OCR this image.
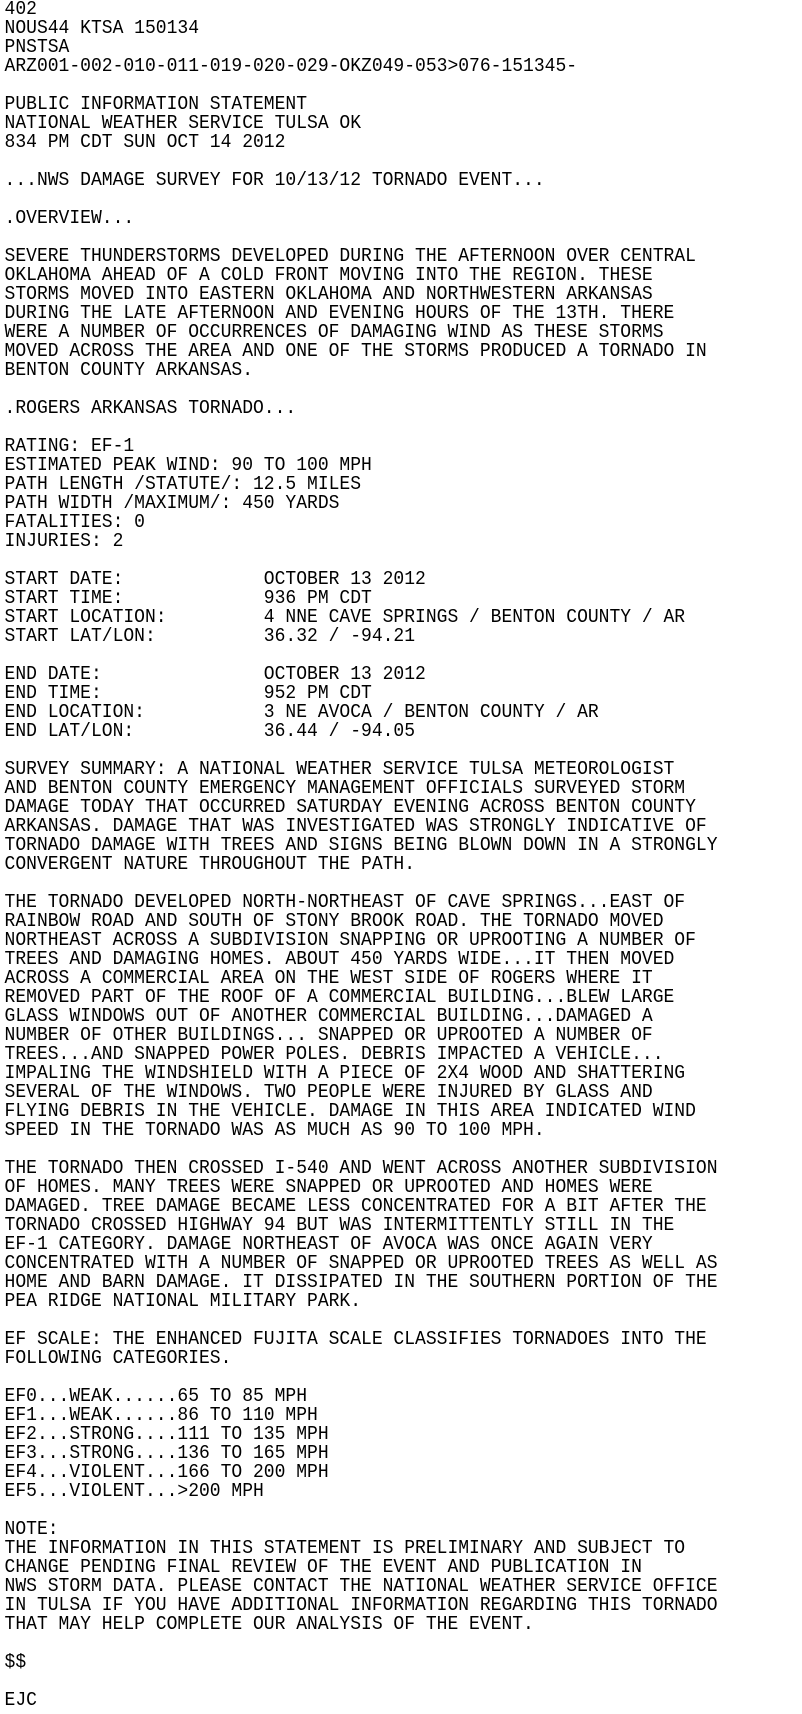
402
NOUS44 KTSA 150134
PNSTSA
ARZ001-002-010-011-019-020-029-OKZ049-053>076-151345-

PUBLIC INFORMATION STATEMENT
NATIONAL WEATHER SERVICE TULSA OK
834 PM CDT SUN OCT 14 2012

...NWS DAMAGE SURVEY FOR 10/13/12 TORNADO EVENT...

.OVERVIEW...

SEVERE THUNDERSTORMS DEVELOPED DURING THE AFTERNOON OVER CENTRAL
OKLAHOMA AHEAD OF A COLD FRONT MOVING INTO THE REGION. THESE
STORMS MOVED INTO EASTERN OKLAHOMA AND NORTHWESTERN ARKANSAS
DURING THE LATE AFTERNOON AND EVENING HOURS OF THE 13TH. THERE
WERE A NUMBER OF OCCURRENCES OF DAMAGING WIND AS THESE STORMS
MOVED ACROSS THE AREA AND ONE OF THE STORMS PRODUCED A TORNADO IN
BENTON COUNTY ARKANSAS.

.ROGERS ARKANSAS TORNADO...

RATING: EF-1
ESTIMATED PEAK WIND: 90 TO 100 MPH
PATH LENGTH /STATUTE/: 12.5 MILES
PATH WIDTH /MAXIMUM/: 450 YARDS
FATALITIES: 0
INJURIES: 2

START DATE:             OCTOBER 13 2012
START TIME:             936 PM CDT
START LOCATION:         4 NNE CAVE SPRINGS / BENTON COUNTY / AR
START LAT/LON:          36.32 / -94.21

END DATE:               OCTOBER 13 2012
END TIME:               952 PM CDT
END LOCATION:           3 NE AVOCA / BENTON COUNTY / AR
END LAT/LON:            36.44 / -94.05

SURVEY SUMMARY: A NATIONAL WEATHER SERVICE TULSA METEOROLOGIST
AND BENTON COUNTY EMERGENCY MANAGEMENT OFFICIALS SURVEYED STORM
DAMAGE TODAY THAT OCCURRED SATURDAY EVENING ACROSS BENTON COUNTY
ARKANSAS. DAMAGE THAT WAS INVESTIGATED WAS STRONGLY INDICATIVE OF
TORNADO DAMAGE WITH TREES AND SIGNS BEING BLOWN DOWN IN A STRONGLY
CONVERGENT NATURE THROUGHOUT THE PATH.

THE TORNADO DEVELOPED NORTH-NORTHEAST OF CAVE SPRINGS...EAST OF
RAINBOW ROAD AND SOUTH OF STONY BROOK ROAD. THE TORNADO MOVED
NORTHEAST ACROSS A SUBDIVISION SNAPPING OR UPROOTING A NUMBER OF
TREES AND DAMAGING HOMES. ABOUT 450 YARDS WIDE...IT THEN MOVED
ACROSS A COMMERCIAL AREA ON THE WEST SIDE OF ROGERS WHERE IT
REMOVED PART OF THE ROOF OF A COMMERCIAL BUILDING...BLEW LARGE
GLASS WINDOWS OUT OF ANOTHER COMMERCIAL BUILDING...DAMAGED A
NUMBER OF OTHER BUILDINGS... SNAPPED OR UPROOTED A NUMBER OF
TREES...AND SNAPPED POWER POLES. DEBRIS IMPACTED A VEHICLE...
IMPALING THE WINDSHIELD WITH A PIECE OF 2X4 WOOD AND SHATTERING
SEVERAL OF THE WINDOWS. TWO PEOPLE WERE INJURED BY GLASS AND
FLYING DEBRIS IN THE VEHICLE. DAMAGE IN THIS AREA INDICATED WIND
SPEED IN THE TORNADO WAS AS MUCH AS 90 TO 100 MPH.

THE TORNADO THEN CROSSED I-540 AND WENT ACROSS ANOTHER SUBDIVISION
OF HOMES. MANY TREES WERE SNAPPED OR UPROOTED AND HOMES WERE
DAMAGED. TREE DAMAGE BECAME LESS CONCENTRATED FOR A BIT AFTER THE
TORNADO CROSSED HIGHWAY 94 BUT WAS INTERMITTENTLY STILL IN THE
EF-1 CATEGORY. DAMAGE NORTHEAST OF AVOCA WAS ONCE AGAIN VERY
CONCENTRATED WITH A NUMBER OF SNAPPED OR UPROOTED TREES AS WELL AS
HOME AND BARN DAMAGE. IT DISSIPATED IN THE SOUTHERN PORTION OF THE
PEA RIDGE NATIONAL MILITARY PARK.

EF SCALE: THE ENHANCED FUJITA SCALE CLASSIFIES TORNADOES INTO THE
FOLLOWING CATEGORIES.

EF0...WEAK......65 TO 85 MPH
EF1...WEAK......86 TO 110 MPH
EF2...STRONG....111 TO 135 MPH
EF3...STRONG....136 TO 165 MPH
EF4...VIOLENT...166 TO 200 MPH
EF5...VIOLENT...>200 MPH

NOTE:
THE INFORMATION IN THIS STATEMENT IS PRELIMINARY AND SUBJECT TO
CHANGE PENDING FINAL REVIEW OF THE EVENT AND PUBLICATION IN
NWS STORM DATA. PLEASE CONTACT THE NATIONAL WEATHER SERVICE OFFICE
IN TULSA IF YOU HAVE ADDITIONAL INFORMATION REGARDING THIS TORNADO
THAT MAY HELP COMPLETE OUR ANALYSIS OF THE EVENT.

$$

EJC
